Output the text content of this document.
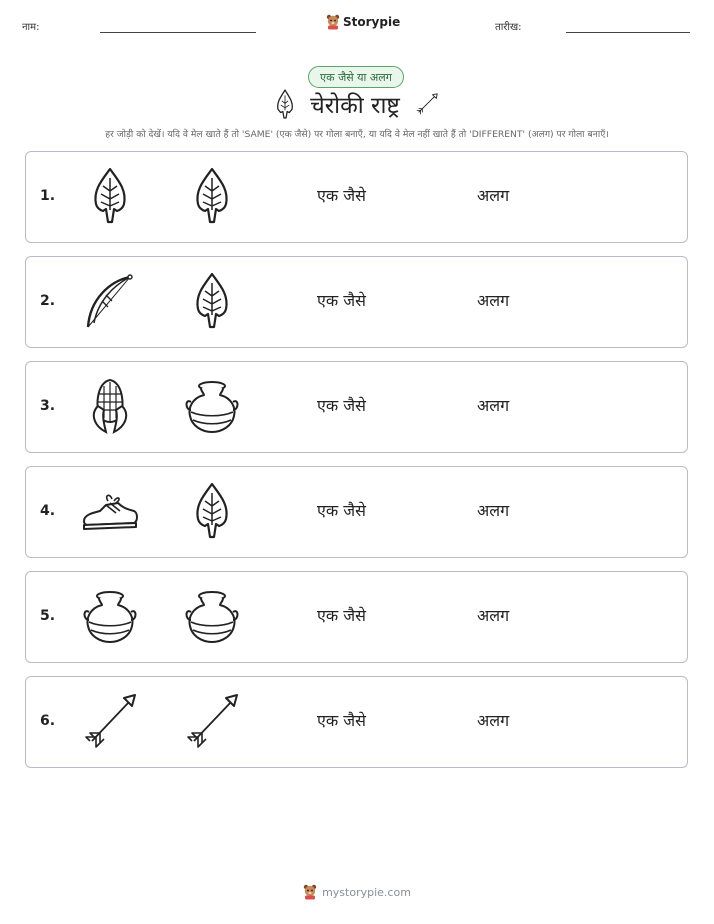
नाम:	Storypie	तारीख:
एक जैसे या अलग
चेरोकी राष्ट्र
हर जोड़ी को देखें। यदि वे मेल खाते हैं तो 'SAME' (एक जैसे) पर गोला बनाएँ, या यदि वे मेल नहीं खाते हैं तो 'DIFFERENT' (अलग) पर गोला बनाएँ।
1.	एक जैसे	अलग
2.	एक जैसे	अलग
3.	एक जैसे	अलग
4.	एक जैसे	अलग
5.	एक जैसे	अलग
6.	एक जैसे	अलग
mystorypie.com
